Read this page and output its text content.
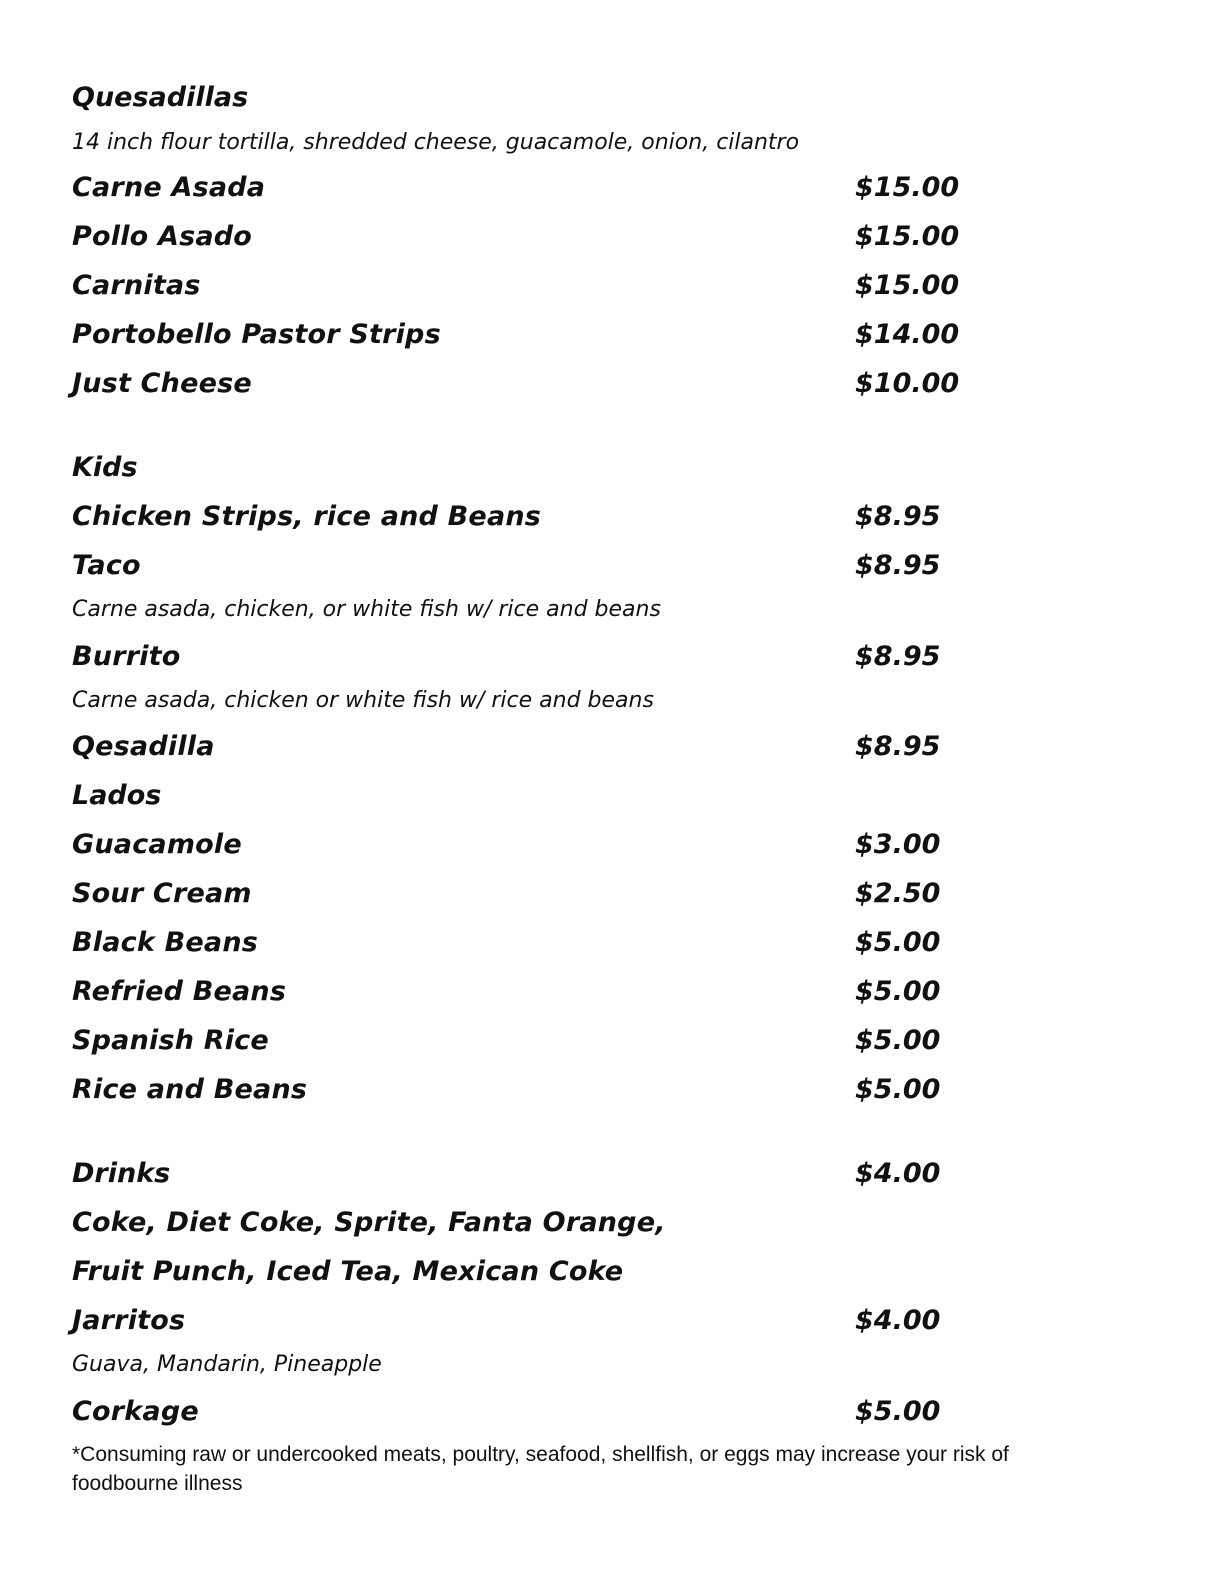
Quesadillas
14 inch flour tortilla, shredded cheese, guacamole, onion, cilantro
Carne Asada	$15.00
Pollo Asado	$15.00
Carnitas	$15.00
Portobello Pastor Strips	$14.00
Just Cheese	$10.00
Kids
Chicken Strips, rice and Beans	$8.95
Taco	$8.95
Carne asada, chicken, or white fish w/ rice and beans
Burrito	$8.95
Carne asada, chicken or white fish w/ rice and beans
Qesadilla	$8.95
Lados
Guacamole	$3.00
Sour Cream	$2.50
Black Beans	$5.00
Refried Beans	$5.00
Spanish Rice	$5.00
Rice and Beans	$5.00
Drinks	$4.00
Coke, Diet Coke, Sprite, Fanta Orange,
Fruit Punch, Iced Tea, Mexican Coke
Jarritos	$4.00
Guava, Mandarin, Pineapple
Corkage	$5.00
*Consuming raw or undercooked meats, poultry, seafood, shellfish, or eggs may increase your risk of foodbourne illness
